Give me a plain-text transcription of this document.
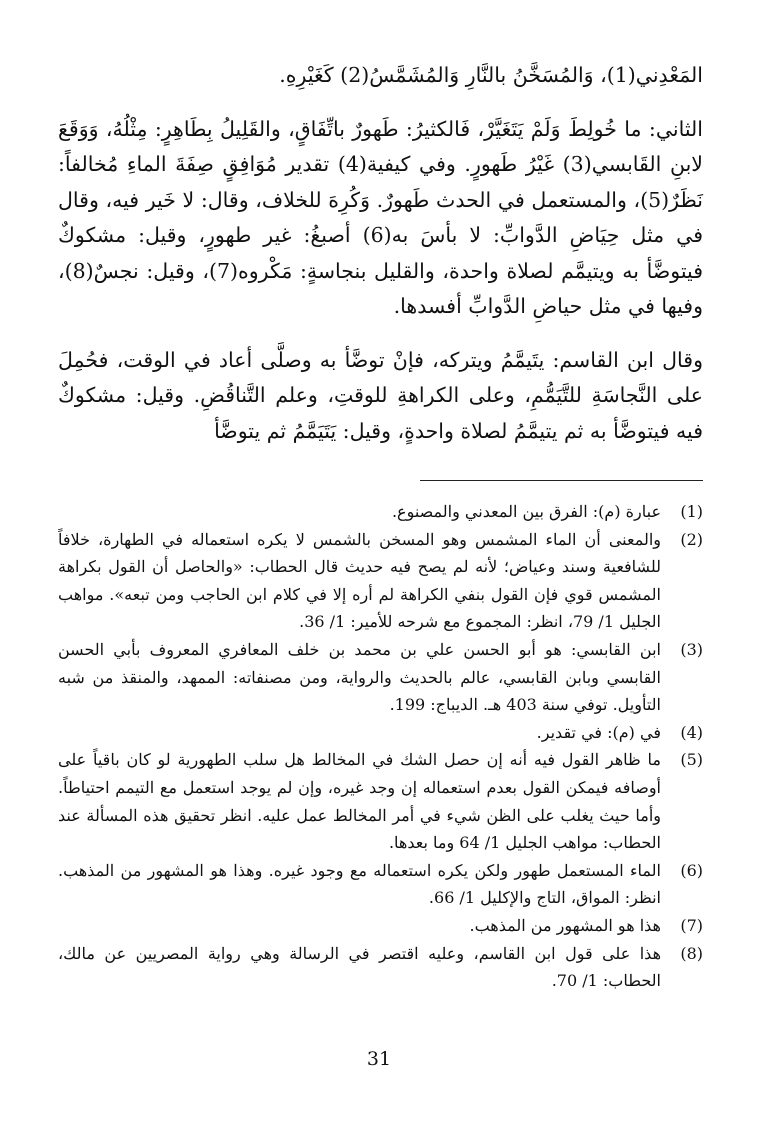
المَعْدِني(1)، وَالمُسَخَّنُ بالنَّارِ وَالمُشَمَّسُ(2) كَغَيْرِهِ.

الثاني: ما خُولِطَ وَلَمْ يَتَغَيَّرْ، فَالكثيرُ: طَهورٌ باتِّفَاقٍ، والقَلِيلُ بِطَاهِرٍ: مِثْلُهُ، وَوَقَعَ لابنِ القَابسي(3) غَيْرُ طَهورٍ. وفي كيفية(4) تقدير مُوَافِقٍ صِفَةَ الماءِ مُخالفاً: نَظَرٌ(5)، والمستعمل في الحدث طَهورٌ. وَكُرِهَ للخلاف، وقال: لا خَير فيه، وقال في مثل حِيَاضِ الدَّوابِّ: لا بأسَ به(6) أصبغُ: غير طهورٍ، وقيل: مشكوكٌ فيتوضَّأ به ويتيمَّم لصلاة واحدة، والقليل بنجاسةٍ: مَكْروه(7)، وقيل: نجسٌ(8)، وفيها في مثل حياضِ الدَّوابِّ أفسدها.

وقال ابن القاسم: يتَيمَّمُ ويتركه، فإنْ توضَّأ به وصلَّى أعاد في الوقت، فحُمِلَ على النَّجاسَةِ للتَّيَمُّمِ، وعلى الكراهةِ للوقتِ، وعلم التَّناقُضِ. وقيل: مشكوكٌ فيه فيتوضَّأ به ثم يتيمَّمُ لصلاة واحدةٍ، وقيل: يَتَيَمَّمُ ثم يتوضَّأ

(1)
عبارة (م): الفرق بين المعدني والمصنوع.
(2)
والمعنى أن الماء المشمس وهو المسخن بالشمس لا يكره استعماله في الطهارة، خلافاً للشافعية وسند وعياض؛ لأنه لم يصح فيه حديث قال الحطاب: «والحاصل أن القول بكراهة المشمس قوي فإن القول بنفي الكراهة لم أره إلا في كلام ابن الحاجب ومن تبعه». مواهب الجليل 1/ 79، انظر: المجموع مع شرحه للأمير: 1/ 36.
(3)
ابن القابسي: هو أبو الحسن علي بن محمد بن خلف المعافري المعروف بأبي الحسن القابسي وبابن القابسي، عالم بالحديث والرواية، ومن مصنفاته: الممهد، والمنقذ من شبه التأويل. توفي سنة 403 هـ. الديباج: 199.
(4)
في (م): في تقدير.
(5)
ما ظاهر القول فيه أنه إن حصل الشك في المخالط هل سلب الطهورية لو كان باقياً على أوصافه فيمكن القول بعدم استعماله إن وجد غيره، وإن لم يوجد استعمل مع التيمم احتياطاً. وأما حيث يغلب على الظن شيء في أمر المخالط عمل عليه. انظر تحقيق هذه المسألة عند الحطاب: مواهب الجليل 1/ 64 وما بعدها.
(6)
الماء المستعمل طهور ولكن يكره استعماله مع وجود غيره. وهذا هو المشهور من المذهب. انظر: المواق، التاج والإكليل 1/ 66.
(7)
هذا هو المشهور من المذهب.
(8)
هذا على قول ابن القاسم، وعليه اقتصر في الرسالة وهي رواية المصريين عن مالك، الحطاب: 1/ 70.
31
